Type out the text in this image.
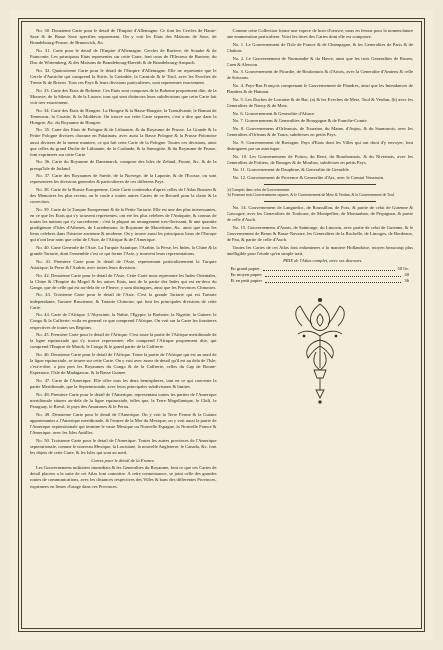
No. 30. Douzieme Carte pour le detail de l'Empire d'Allemagne. Ce font les Cercles de Haute-Saxe & de Basse Saxe specifies separement. On y voit les Etats des Maisons de Saxe, de Brandebourg-Prusse, de Brunswick, &c.

No. 31. Carte pour le detail de l'Empire d'Allemagne. Cercles de Baviere, de Souabe & de Franconie. Les principaux Etats representes sur cette Carte, font ceux de l'Electeur de Baviere, du Duc de Wirtemberg, & des Maisons de Brandebourg-Bareith & de Brandebourg-Anspach.

No. 32. Quatorzieme Carte pour le detail de l'Empire d'Allemagne. Elle ne represente que le Cercle d'Autriche qui comprend la Stirie, la Carinthie, la Carniole & le Tirol, avec les Eveches de Trente & de Brixen. Tous ces Pays & leurs divisions particulieres, sont representes exactement.

No. 33. Carte des Etats de Boheme. Ces Etats sont composes de la Boheme proprement dite, de la Moravie, de la Silesie, & de la Lusace, tous qui sont distinctes leurs subdivisions que cette Carte fait voir tres-exactement.

No. 34. Carte des Etats de Hongrie. La Hongrie & la Basse-Hongrie, la Transilvanie, le Bannat de Temeswar, la Croatie, & la Moldavie. On trouve sur cette Carte separees, c'est a dire que dans la Hongrie, &c. du Royaume de Hongrie.

No. 35. Carte des Etats de Pologne & de Lithuanie, & du Royaume de Prusse. La Grande & la Petite Pologne divisees chacune en Palatinats; avec aussi la Basse Pologne & la Prusse Polonoise aussi divisees de la meme maniere, ce qui fait cette Carte de la Pologne. Toutes ces divisions, ainsi que celles du grand Duche de Lithuanie, de la Curlande, & la Samogitie, & du Royaume de Prusse, font exprimees sur cette Carte.

No. 36. Carte du Royaume de Danemarck, compose des Isles de Zeland, Fionie, &c. & de la presqu'Isle de Jutland.

No. 37. Carte des Royaumes de Suede, de la Norvege, de la Laponie, & de l'Ecosse, ou sont representees les divisions generales & particulieres de ces differens Pays.

No. 38. Carte de la Russie Europeenne. Cette Carte contiendra d'apres celles de l'Atlas Russien & des Memoires les plus recens, on le coule a toutes autres Cartes de ce Recueil pour la clarte & la correction.

No. 39. Carte de la Turquie Europeenne & de la Petite Tartarie. Elle est une des plus interessantes, en ce que les Etats qui s'y trouvent representes, ont ete les plus celebres de l'Antiquite, & connus de toutes les nations qui s'y succederent : c'est la plupart un arrangement tres-florissant, & une quantite prodigieuse d'Isles d'Athenes, de Lacedemone, le Royaume de Macedoine, &c. ainsi que tous les lieux celebres dans l'histoire ancienne & moderne. On y trouve aussi les principaux lieux de l'Europe qui n'ont leur nom que celui de l'Asie, de l'Afrique & de l'Amerique.

No. 40. Carte Generale de l'Asie. La Turquie Asiatique, l'Arabie, la Perse, les Indes, la Chine & la grande Tartarie, dont l'ensemble c'est ce qui forme l'Asie, y trouvent leurs representations.

No. 41. Premiere Carte pour le detail de l'Asie, representant particulierement la Turquie Asiatique, la Perse & l'Arabie, avec toutes leurs divisions.

No. 42. Deuxieme Carte pour le detail de l'Asie. Cette Carte nous represente les Indes Orientales, la Chine & l'Empire du Mogol & les autres Etats, tant de la partie des Indes qui est en-deca du Gange, que de celle qui est au-dela de ce Fleuve, y sont distingues, ainsi que les Provinces Chinoises.

No. 43. Troisieme Carte pour le detail de l'Asie. C'est la grande Tartarie qui est Tartarie independante, Tartarie Russienne, & Tartarie Chinoise, qui font les principales divisions de cette Carte.

No. 44. Carte de l'Afrique. L'Abyssinie, la Nubie, l'Egypte, la Barbarie, la Nigritie, la Guinee, le Congo & la Caffrerie; voila en general ce que comprend l'Afrique. On voit sur la Carte les frontieres respectives de toutes ses Regions.

No. 45. Premiere Carte pour le detail de l'Afrique. C'est toute la partie de l'Afrique meridionale de la ligne equinoxiale qui s'y trouve representee; elle comprend l'Afrique proprement dite, qui comprend l'Empire de Marok, le Congo & le grand partie de la Caffrerie.

No. 46. Deuxieme Carte pour le detail de l'Afrique. Toute la partie de l'Afrique qui est au nord de la ligne equinoxiale, se trouve sur cette Carte. On y voit avec assez de detail qu'il est au dela de l'Isle; c'est-a-dire, a peu pres les Royaumes du Congo & de la Caffrerie, celles du Cap de Bonne-Esperance, l'Isle de Madagascar, & la Basse Guinee.

No. 47. Carte de l'Amerique. Elle offre tous les deux hemispheres, tant en ce qui concerne la partie Meridionale, que la Septentrionale, avec leurs principales subdivisions & limites.

No. 48. Premiere Carte pour le detail de l'Amerique, representant toutes les parties de l'Amerique meridionale situees au-dela de la ligne equinoxiale, telles que, la Terre Magellanique, le Chili, le Paraguay, le Bresil, le pays des Amazones & le Perou.

No. 49. Deuxieme Carte pour le detail de l'Amerique. On y voit la Terre Ferme & la Guiane appartenantes a l'Amerique meridionale, & l'entree de la Mer du Mexique; on y voit aussi la partie de l'Amerique septentrionale qui termine le vaste Mexique ou Nouvelle Espagne, la Nouvelle France & l'Amerique, avec les Isles Antilles.

No. 50. Troisieme Carte pour le detail de l'Amerique. Toutes les autres provinces de l'Amerique septentrionale, comme le nouveau Mexique, la Louisiane, la nouvelle Angleterre, le Canada, &c. font les objets de cette Carte, & les Isles qui sont au nord.

Cartes pour le detail de la France.

Les Gouvernemens militaires immediats & les Generalites du Royaume, font ce que ces Cartes de detail placees a la suite de cet Atlas font connoitre. A cette connoissance, se joint celle des grandes routes de communications, avec les distances respectives des Villes & bans des differentes Provinces, exprimees en lieues d'usage dans ces Provinces.

Comme cette Collection forme une espece de hors-d'oeuvre, nous en ferons pour la nomenclature une enumeration particuliere. Voici les titres des Cartes dont elle est composee.

No. 1. Le Gouvernement de l'Isle de France & de Champagne, & les Generalites de Paris & de Chalons.

No. 2. Le Gouvernement de Normandie & du Havre, ainsi que les trois Generalites de Rouen, Caen & Alencon.

No. 3. Gouvernement de Picardie, de Boulonnois & d'Artois, avec la Generalite d'Amiens & celle de Soissons.

No. 4. Pays-Bas François comprenant le Gouvernement de Flandres, ainsi que les Intendances de Flandres & de Hainaut.

No. 5. Les Duches de Lorraine & de Bar, (a) & les Eveches de Metz, Toul & Verdun, (b) avec les Generalites de Nancy & de Metz.

No. 6. Gouvernement & Generalite d'Alsace.

No. 7. Gouvernemens & Generalites de Bourgogne & de Franche-Comte.

No. 8. Gouvernemens d'Orleanois, de Touraine, du Maine, d'Anjou, & du Saumurois, avec les Generalites d'Orleans & de Tours, subdivises en petits Pays.

No. 9. Gouvernement de Bretagne, Pays d'Etats dont les Villes qui ont droit d'y envoyer, font distinguees par un asterisque.

No. 10. Les Gouvernemens de Poitou, du Berri, du Bourbonnois, & du Nivernois, avec les Generalites de Poitiers, de Bourges & de Moulins, subdivises en petits Pays.

No. 11. Gouvernement de Dauphine, & Generalite de Grenoble.

No. 12. Gouvernement de Provence & Generalite d'Aix, avec le Comtat Venaissin.

(a) Compris dans celui du Gouvernement.

(b) Formant trois Gouvernemens separes, & le Gouvernement de Metz & Verdun, & le Gouvernement de Toul.

No. 14. Gouvernement de Languedoc, de Roussillon, de Foix, & partie de celui de Guienne & Gascogne, avec les Generalites de Toulouse, de Montpellier, de Montauban, de Perpignan, & partie de celle d'Auch.

No. 15. Gouvernemens d'Aunis, de Saintonge, du Limosin, avec partie de celui de Guienne, & le Gouvernement de Bearn & Basse-Navarre, les Generalites de la Rochelle, de Limoges, de Bordeaux, de Pau, & partie de celle d'Auch.

Toutes les Cartes de cet Atlas font enluminees a la maniere Hollandoise, moyen beaucoup plus intelligible pour l'etude qu'en simple trait.

PRIX de l'Atlas complet, avec ses discours.

En grand papier	50 liv.
En moyen papier	40
Et en petit papier	36
